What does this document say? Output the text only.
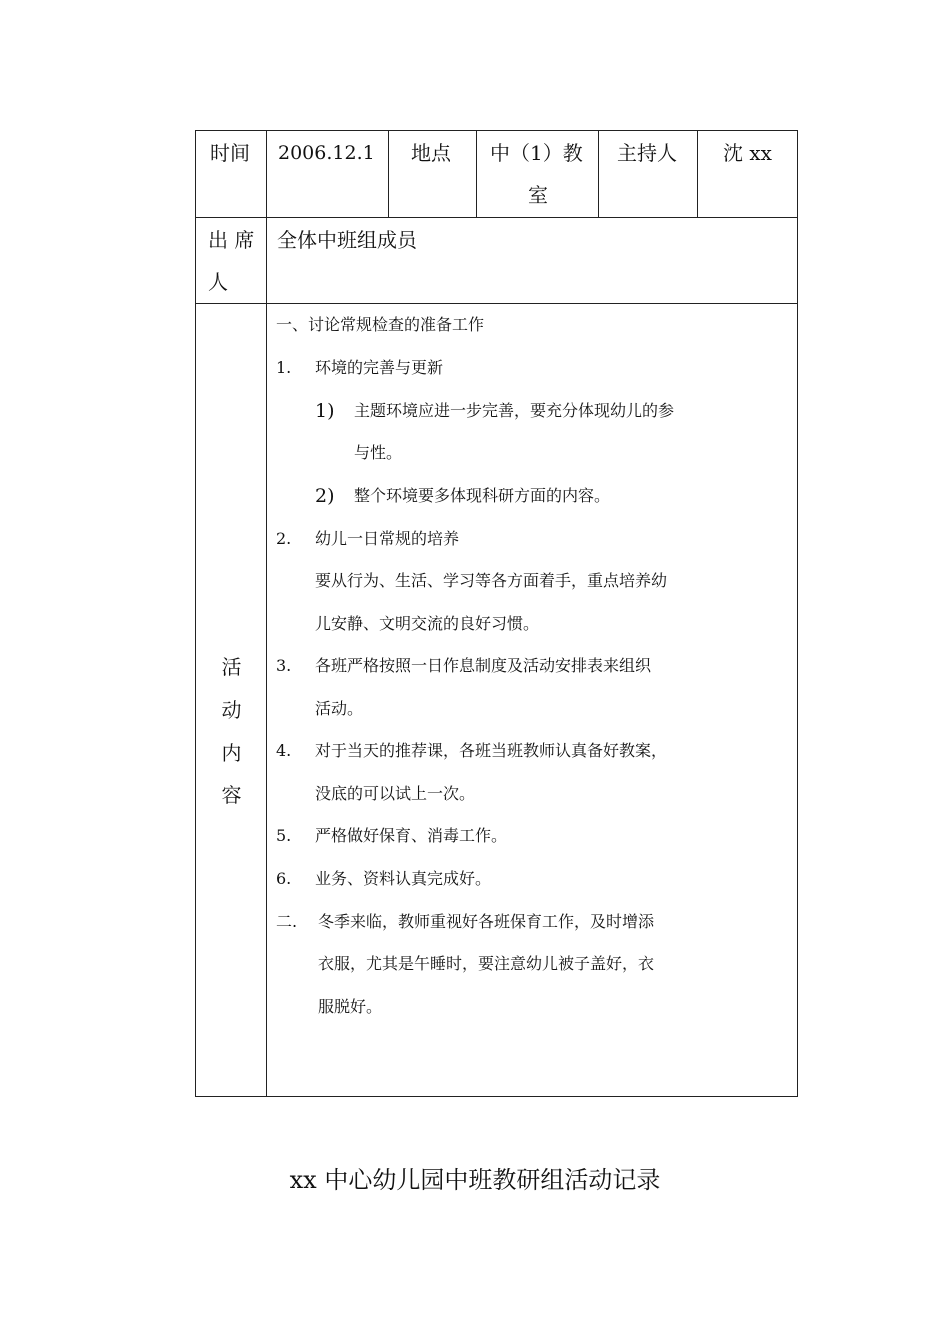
时间 2006.12.1 地点 中（1）教
室
主持人 沈 xx
出 席
人
全体中班组成员
活
动
内
容
一、讨论常规检查的准备工作
1. 环境的完善与更新
1) 主题环境应进一步完善，要充分体现幼儿的参
与性。
2) 整个环境要多体现科研方面的内容。
2. 幼儿一日常规的培养
要从行为、生活、学习等各方面着手，重点培养幼
儿安静、文明交流的良好习惯。
3. 各班严格按照一日作息制度及活动安排表来组织
活动。
4. 对于当天的推荐课，各班当班教师认真备好教案，
没底的可以试上一次。
5. 严格做好保育、消毒工作。
6. 业务、资料认真完成好。
二. 冬季来临，教师重视好各班保育工作，及时增添
衣服，尤其是午睡时，要注意幼儿被子盖好，衣
服脱好。
xx 中心幼儿园中班教研组活动记录
